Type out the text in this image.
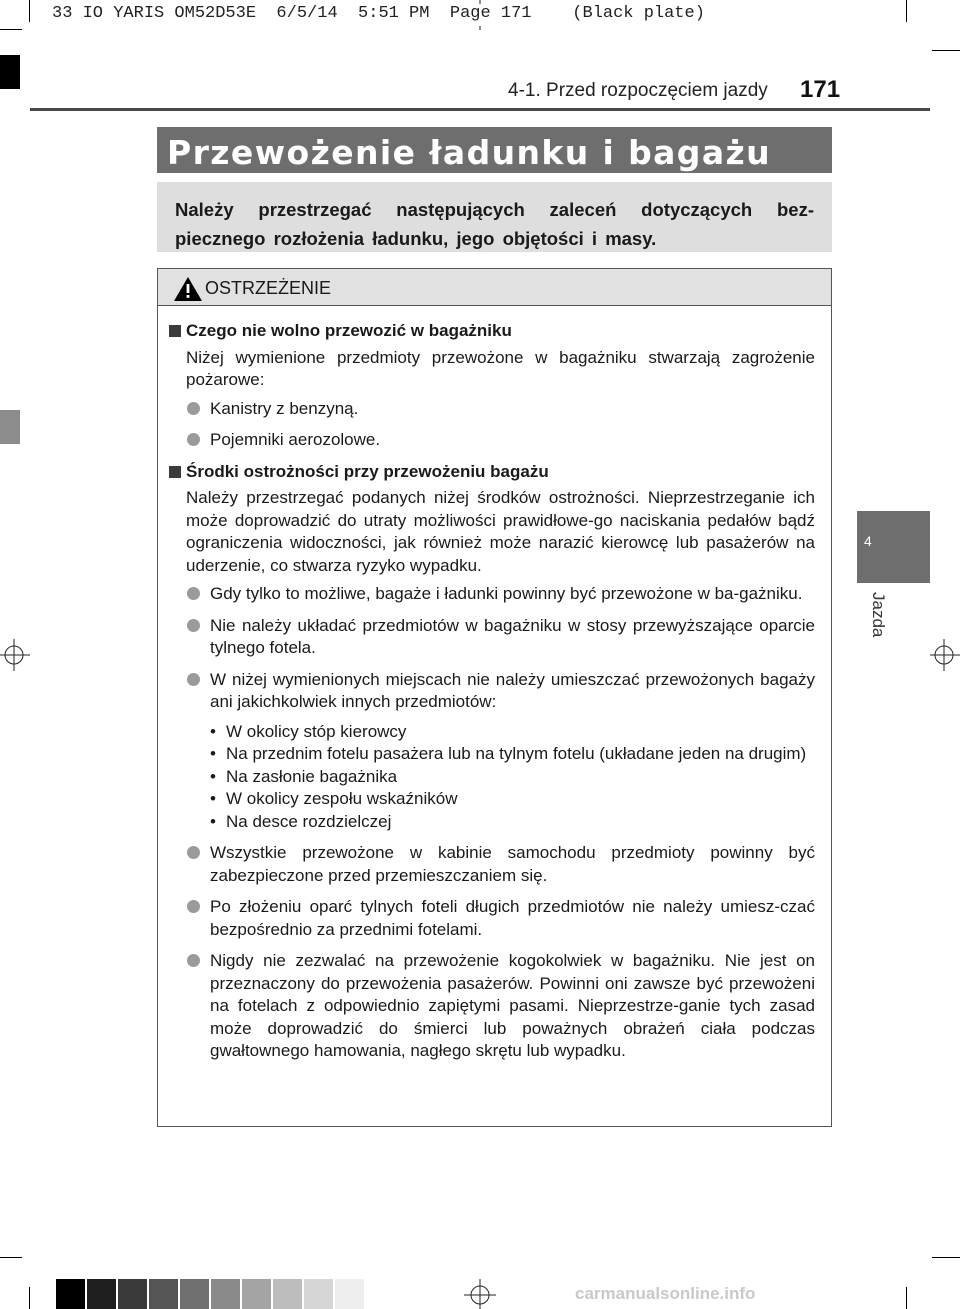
33 IO YARIS OM52D53E  6/5/14  5:51 PM  Page 171    (Black plate)
4-1. Przed rozpoczęciem jazdy 171
Przewożenie ładunku i bagażu
Należy przestrzegać następujących zaleceń dotyczących bez-piecznego rozłożenia ładunku, jego objętości i masy.
OSTRZEŻENIE
Czego nie wolno przewozić w bagażniku
Niżej wymienione przedmioty przewożone w bagażniku stwarzają zagrożenie pożarowe:
Kanistry z benzyną.
Pojemniki aerozolowe.
Środki ostrożności przy przewożeniu bagażu
Należy przestrzegać podanych niżej środków ostrożności. Nieprzestrzeganie ich może doprowadzić do utraty możliwości prawidłowe-go naciskania pedałów bądź ograniczenia widoczności, jak również może narazić kierowcę lub pasażerów na uderzenie, co stwarza ryzyko wypadku.
Gdy tylko to możliwe, bagaże i ładunki powinny być przewożone w ba-gażniku.
Nie należy układać przedmiotów w bagażniku w stosy przewyższające oparcie tylnego fotela.
W niżej wymienionych miejscach nie należy umieszczać przewożonych bagaży ani jakichkolwiek innych przedmiotów:
• W okolicy stóp kierowcy
• Na przednim fotelu pasażera lub na tylnym fotelu (układane jeden na drugim)
• Na zasłonie bagażnika
• W okolicy zespołu wskaźników
• Na desce rozdzielczej
Wszystkie przewożone w kabinie samochodu przedmioty powinny być zabezpieczone przed przemieszczaniem się.
Po złożeniu oparć tylnych foteli długich przedmiotów nie należy umiesz-czać bezpośrednio za przednimi fotelami.
Nigdy nie zezwalać na przewożenie kogokolwiek w bagażniku. Nie jest on przeznaczony do przewożenia pasażerów. Powinni oni zawsze być przewożeni na fotelach z odpowiednio zapiętymi pasami. Nieprzestrze-ganie tych zasad może doprowadzić do śmierci lub poważnych obrażeń ciała podczas gwałtownego hamowania, nagłego skrętu lub wypadku.
4
Jazda
carmanualsonline.info
